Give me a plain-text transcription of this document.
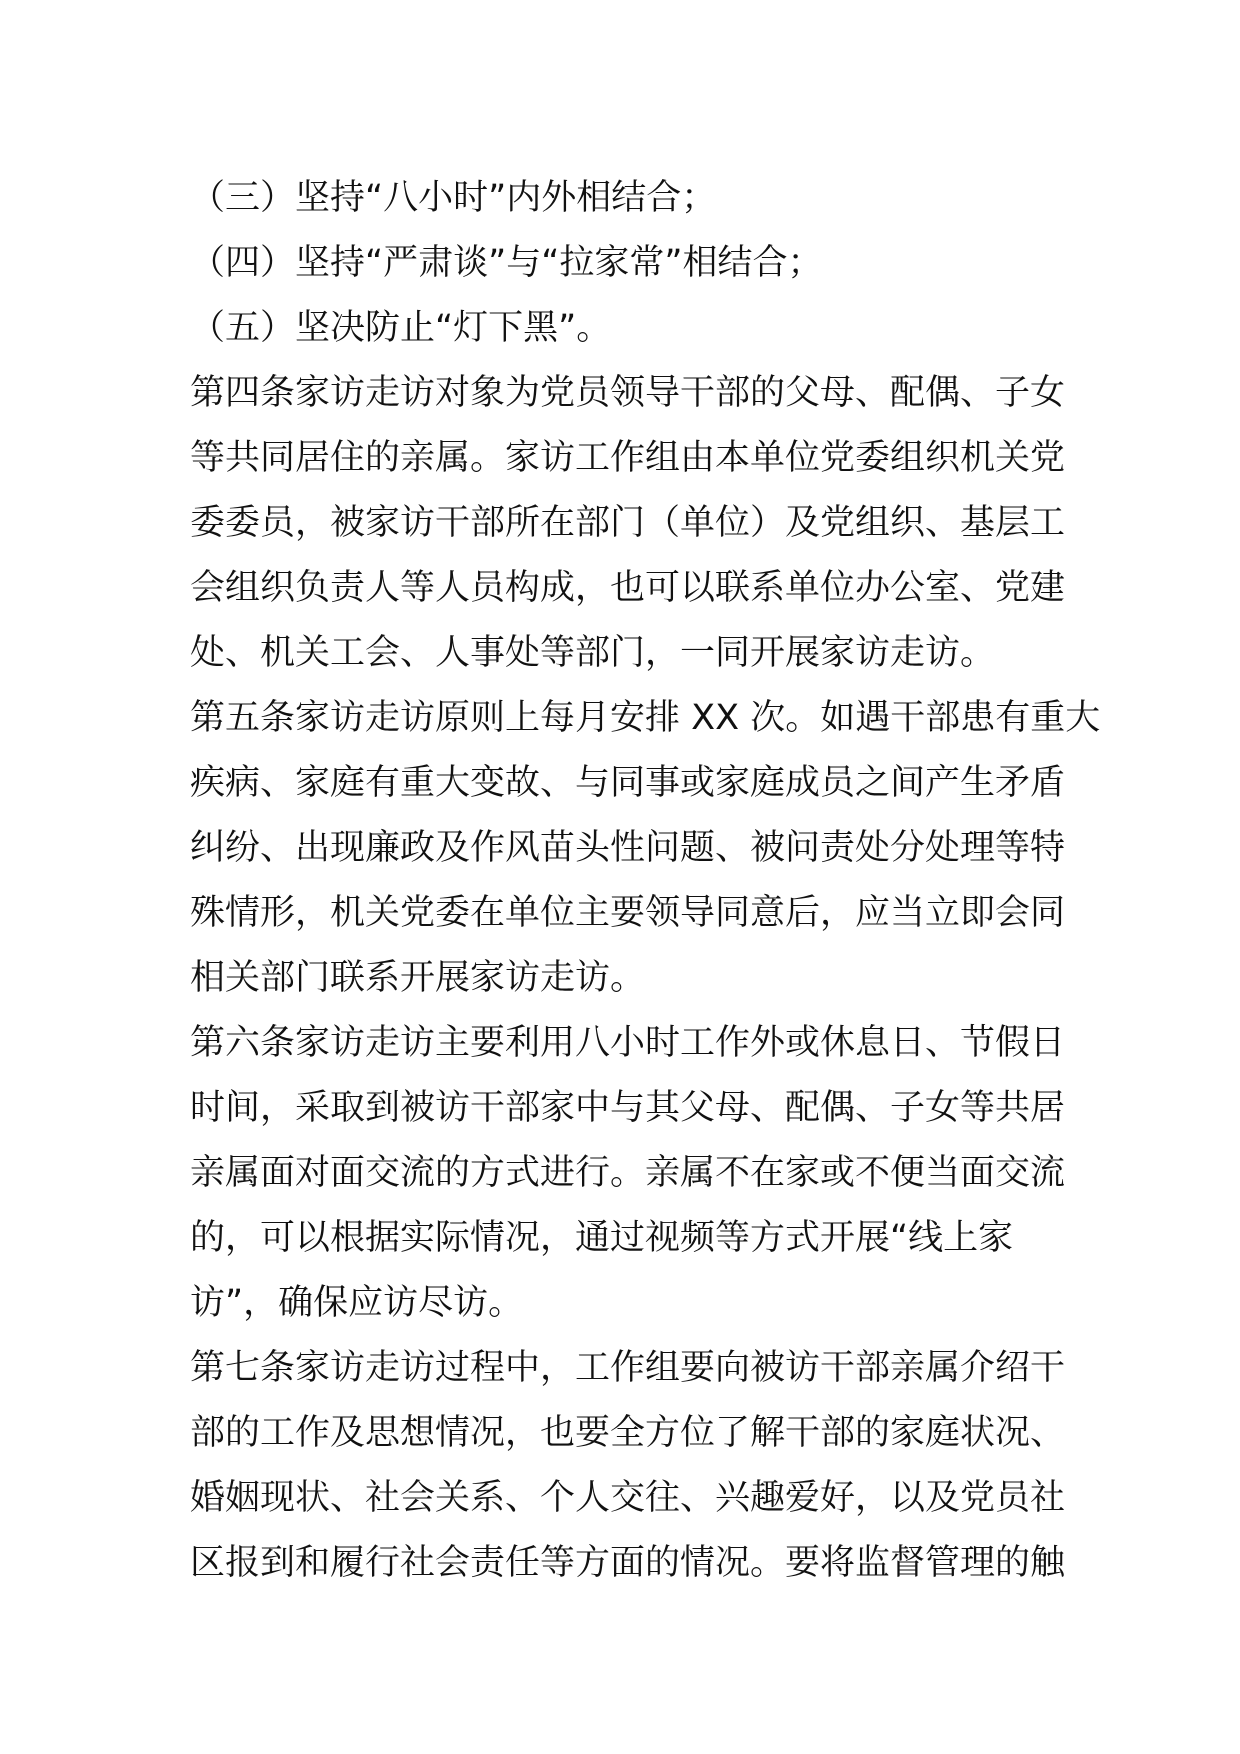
（三）坚持“八小时”内外相结合；
（四）坚持“严肃谈”与“拉家常”相结合；
（五）坚决防止“灯下黑”。
第四条家访走访对象为党员领导干部的父母、配偶、子女
等共同居住的亲属。家访工作组由本单位党委组织机关党
委委员，被家访干部所在部门（单位）及党组织、基层工
会组织负责人等人员构成，也可以联系单位办公室、党建
处、机关工会、人事处等部门，一同开展家访走访。
第五条家访走访原则上每月安排 XX 次。如遇干部患有重大
疾病、家庭有重大变故、与同事或家庭成员之间产生矛盾
纠纷、出现廉政及作风苗头性问题、被问责处分处理等特
殊情形，机关党委在单位主要领导同意后，应当立即会同
相关部门联系开展家访走访。
第六条家访走访主要利用八小时工作外或休息日、节假日
时间，采取到被访干部家中与其父母、配偶、子女等共居
亲属面对面交流的方式进行。亲属不在家或不便当面交流
的，可以根据实际情况，通过视频等方式开展“线上家
访”，确保应访尽访。
第七条家访走访过程中，工作组要向被访干部亲属介绍干
部的工作及思想情况，也要全方位了解干部的家庭状况、
婚姻现状、社会关系、个人交往、兴趣爱好，以及党员社
区报到和履行社会责任等方面的情况。要将监督管理的触
